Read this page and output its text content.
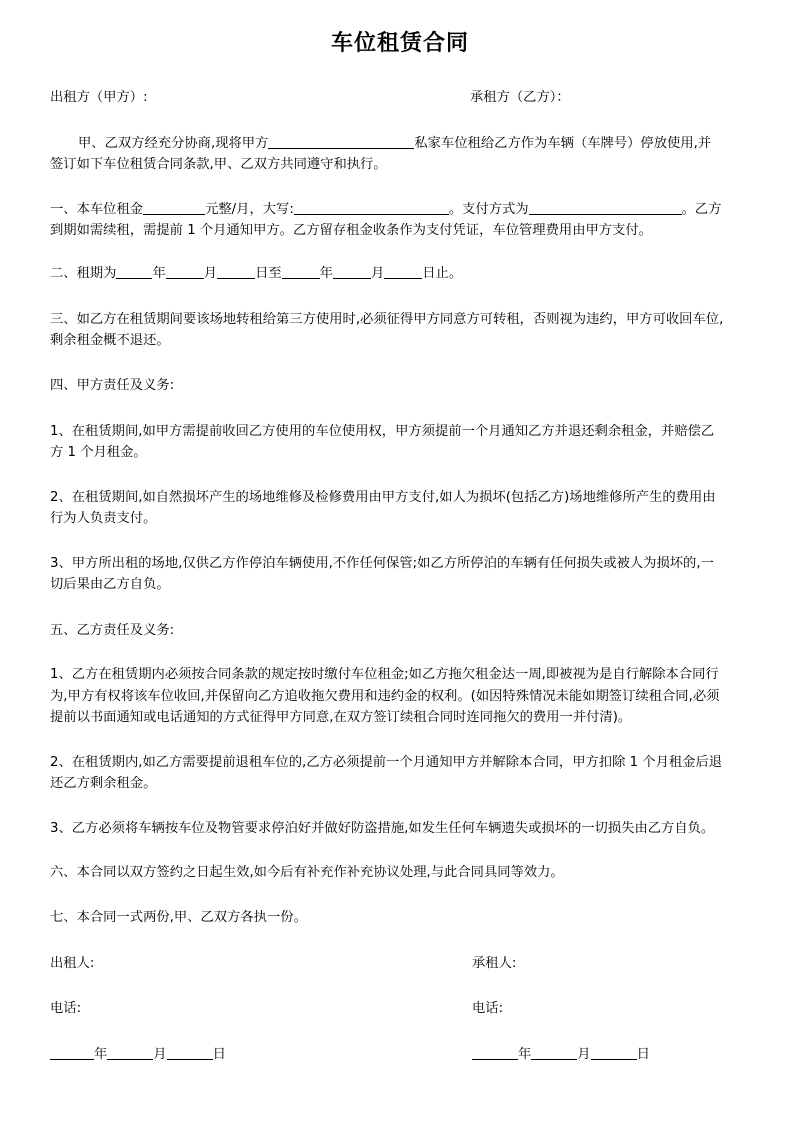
车位租赁合同
出租方（甲方）:	承租方（乙方）：
甲、乙双方经充分协商,现将甲方	私家车位租给乙方作为车辆（车牌号）停放使用,并
签订如下车位租赁合同条款,甲、乙双方共同遵守和执行。
一、本车位租金	元整/月，大写:	。支付方式为	。乙方
到期如需续租，需提前 1 个月通知甲方。乙方留存租金收条作为支付凭证，车位管理费用由甲方支付。
二、租期为	年	月	日至	年	月	日止。
三、如乙方在租赁期间要该场地转租给第三方使用时,必须征得甲方同意方可转租，否则视为违约，甲方可收回车位,
剩余租金概不退还。
四、甲方责任及义务:
1、在租赁期间,如甲方需提前收回乙方使用的车位使用权，甲方须提前一个月通知乙方并退还剩余租金，并赔偿乙
方 1 个月租金。
2、在租赁期间,如自然损坏产生的场地维修及检修费用由甲方支付,如人为损坏(包括乙方)场地维修所产生的费用由
行为人负责支付。
3、甲方所出租的场地,仅供乙方作停泊车辆使用,不作任何保管;如乙方所停泊的车辆有任何损失或被人为损坏的,一
切后果由乙方自负。
五、乙方责任及义务:
1、乙方在租赁期内必须按合同条款的规定按时缴付车位租金;如乙方拖欠租金达一周,即被视为是自行解除本合同行
为,甲方有权将该车位收回,并保留向乙方追收拖欠费用和违约金的权利。(如因特殊情况未能如期签订续租合同,必须
提前以书面通知或电话通知的方式征得甲方同意,在双方签订续租合同时连同拖欠的费用一并付清)。
2、在租赁期内,如乙方需要提前退租车位的,乙方必须提前一个月通知甲方并解除本合同，甲方扣除 1 个月租金后退
还乙方剩余租金。
3、乙方必须将车辆按车位及物管要求停泊好并做好防盗措施,如发生任何车辆遗失或损坏的一切损失由乙方自负。
六、本合同以双方签约之日起生效,如今后有补充作补充协议处理,与此合同具同等效力。
七、本合同一式两份,甲、乙双方各执一份。
出租人:	承租人:
电话:	电话:
年	月	日	年	月	日
